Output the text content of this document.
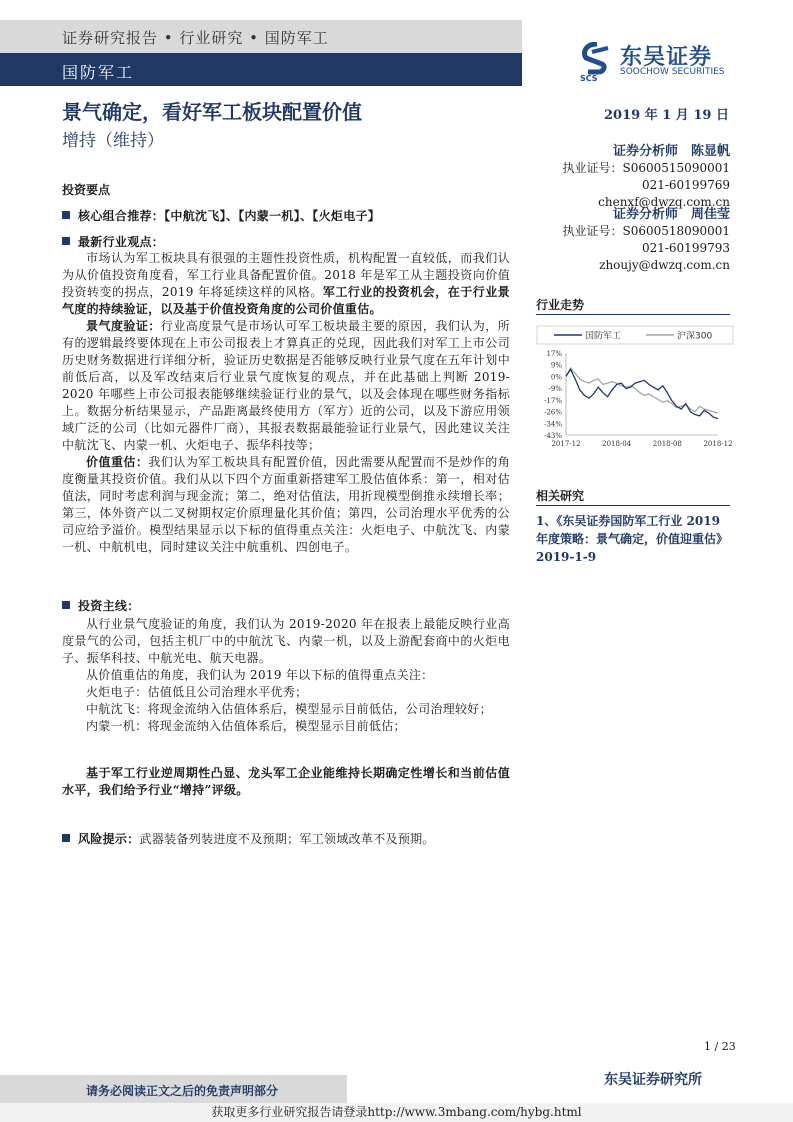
证券研究报告 • 行业研究 • 国防军工
国防军工	SCS
东吴证券
SOOCHOW SECURITIES
景气确定，看好军工板块配置价值
增持（维持）
2019 年 1 月 19 日
证券分析师　陈显帆
执业证号：S0600515090001
021-60199769
chenxf@dwzq.com.cn
证券分析师　周佳莹
执业证号：S0600518090001
021-60199793
zhoujy@dwzq.com.cn
投资要点
核心组合推荐：【中航沈飞】、【内蒙一机】、【火炬电子】
最新行业观点：
市场认为军工板块具有很强的主题性投资性质，机构配置一直较低，而我们认为从价值投资角度看，军工行业具备配置价值。2018 年是军工从主题投资向价值投资转变的拐点，2019 年将延续这样的风格。军工行业的投资机会，在于行业景气度的持续验证，以及基于价值投资角度的公司价值重估。
景气度验证：行业高度景气是市场认可军工板块最主要的原因，我们认为，所有的逻辑最终要体现在上市公司报表上才算真正的兑现，因此我们对军工上市公司历史财务数据进行详细分析，验证历史数据是否能够反映行业景气度在五年计划中前低后高，以及军改结束后行业景气度恢复的观点，并在此基础上判断 2019-2020 年哪些上市公司报表能够继续验证行业的景气，以及会体现在哪些财务指标上。数据分析结果显示，产品距离最终使用方（军方）近的公司，以及下游应用领域广泛的公司（比如元器件厂商），其报表数据最能验证行业景气，因此建议关注中航沈飞、内蒙一机、火炬电子、振华科技等；
价值重估：我们认为军工板块具有配置价值，因此需要从配置而不是炒作的角度衡量其投资价值。我们从以下四个方面重新搭建军工股估值体系：第一，相对估值法，同时考虑利润与现金流；第二，绝对估值法，用折现模型倒推永续增长率；第三，体外资产以二叉树期权定价原理量化其价值；第四，公司治理水平优秀的公司应给予溢价。模型结果显示以下标的值得重点关注：火炬电子、中航沈飞、内蒙一机、中航机电，同时建议关注中航重机、四创电子。
投资主线：
从行业景气度验证的角度，我们认为 2019-2020 年在报表上最能反映行业高度景气的公司，包括主机厂中的中航沈飞、内蒙一机，以及上游配套商中的火炬电子、振华科技、中航光电、航天电器。
从价值重估的角度，我们认为 2019 年以下标的值得重点关注：
火炬电子：估值低且公司治理水平优秀；
中航沈飞：将现金流纳入估值体系后，模型显示目前低估，公司治理较好；
内蒙一机：将现金流纳入估值体系后，模型显示目前低估；
基于军工行业逆周期性凸显、龙头军工企业能维持长期确定性增长和当前估值水平，我们给予行业“增持”评级。
风险提示：武器装备列装进度不及预期；军工领域改革不及预期。
行业走势
国防军工	沪深300
17%
9%
0%
-9%
-17%
-26%
-34%
-43%
2017-12	2018-04	2018-08	2018-12
相关研究
1、《东吴证券国防军工行业 2019 年度策略：景气确定，价值迎重估》2019-1-9
1 / 23
东吴证券研究所
请务必阅读正文之后的免责声明部分
获取更多行业研究报告请登录http://www.3mbang.com/hybg.html
